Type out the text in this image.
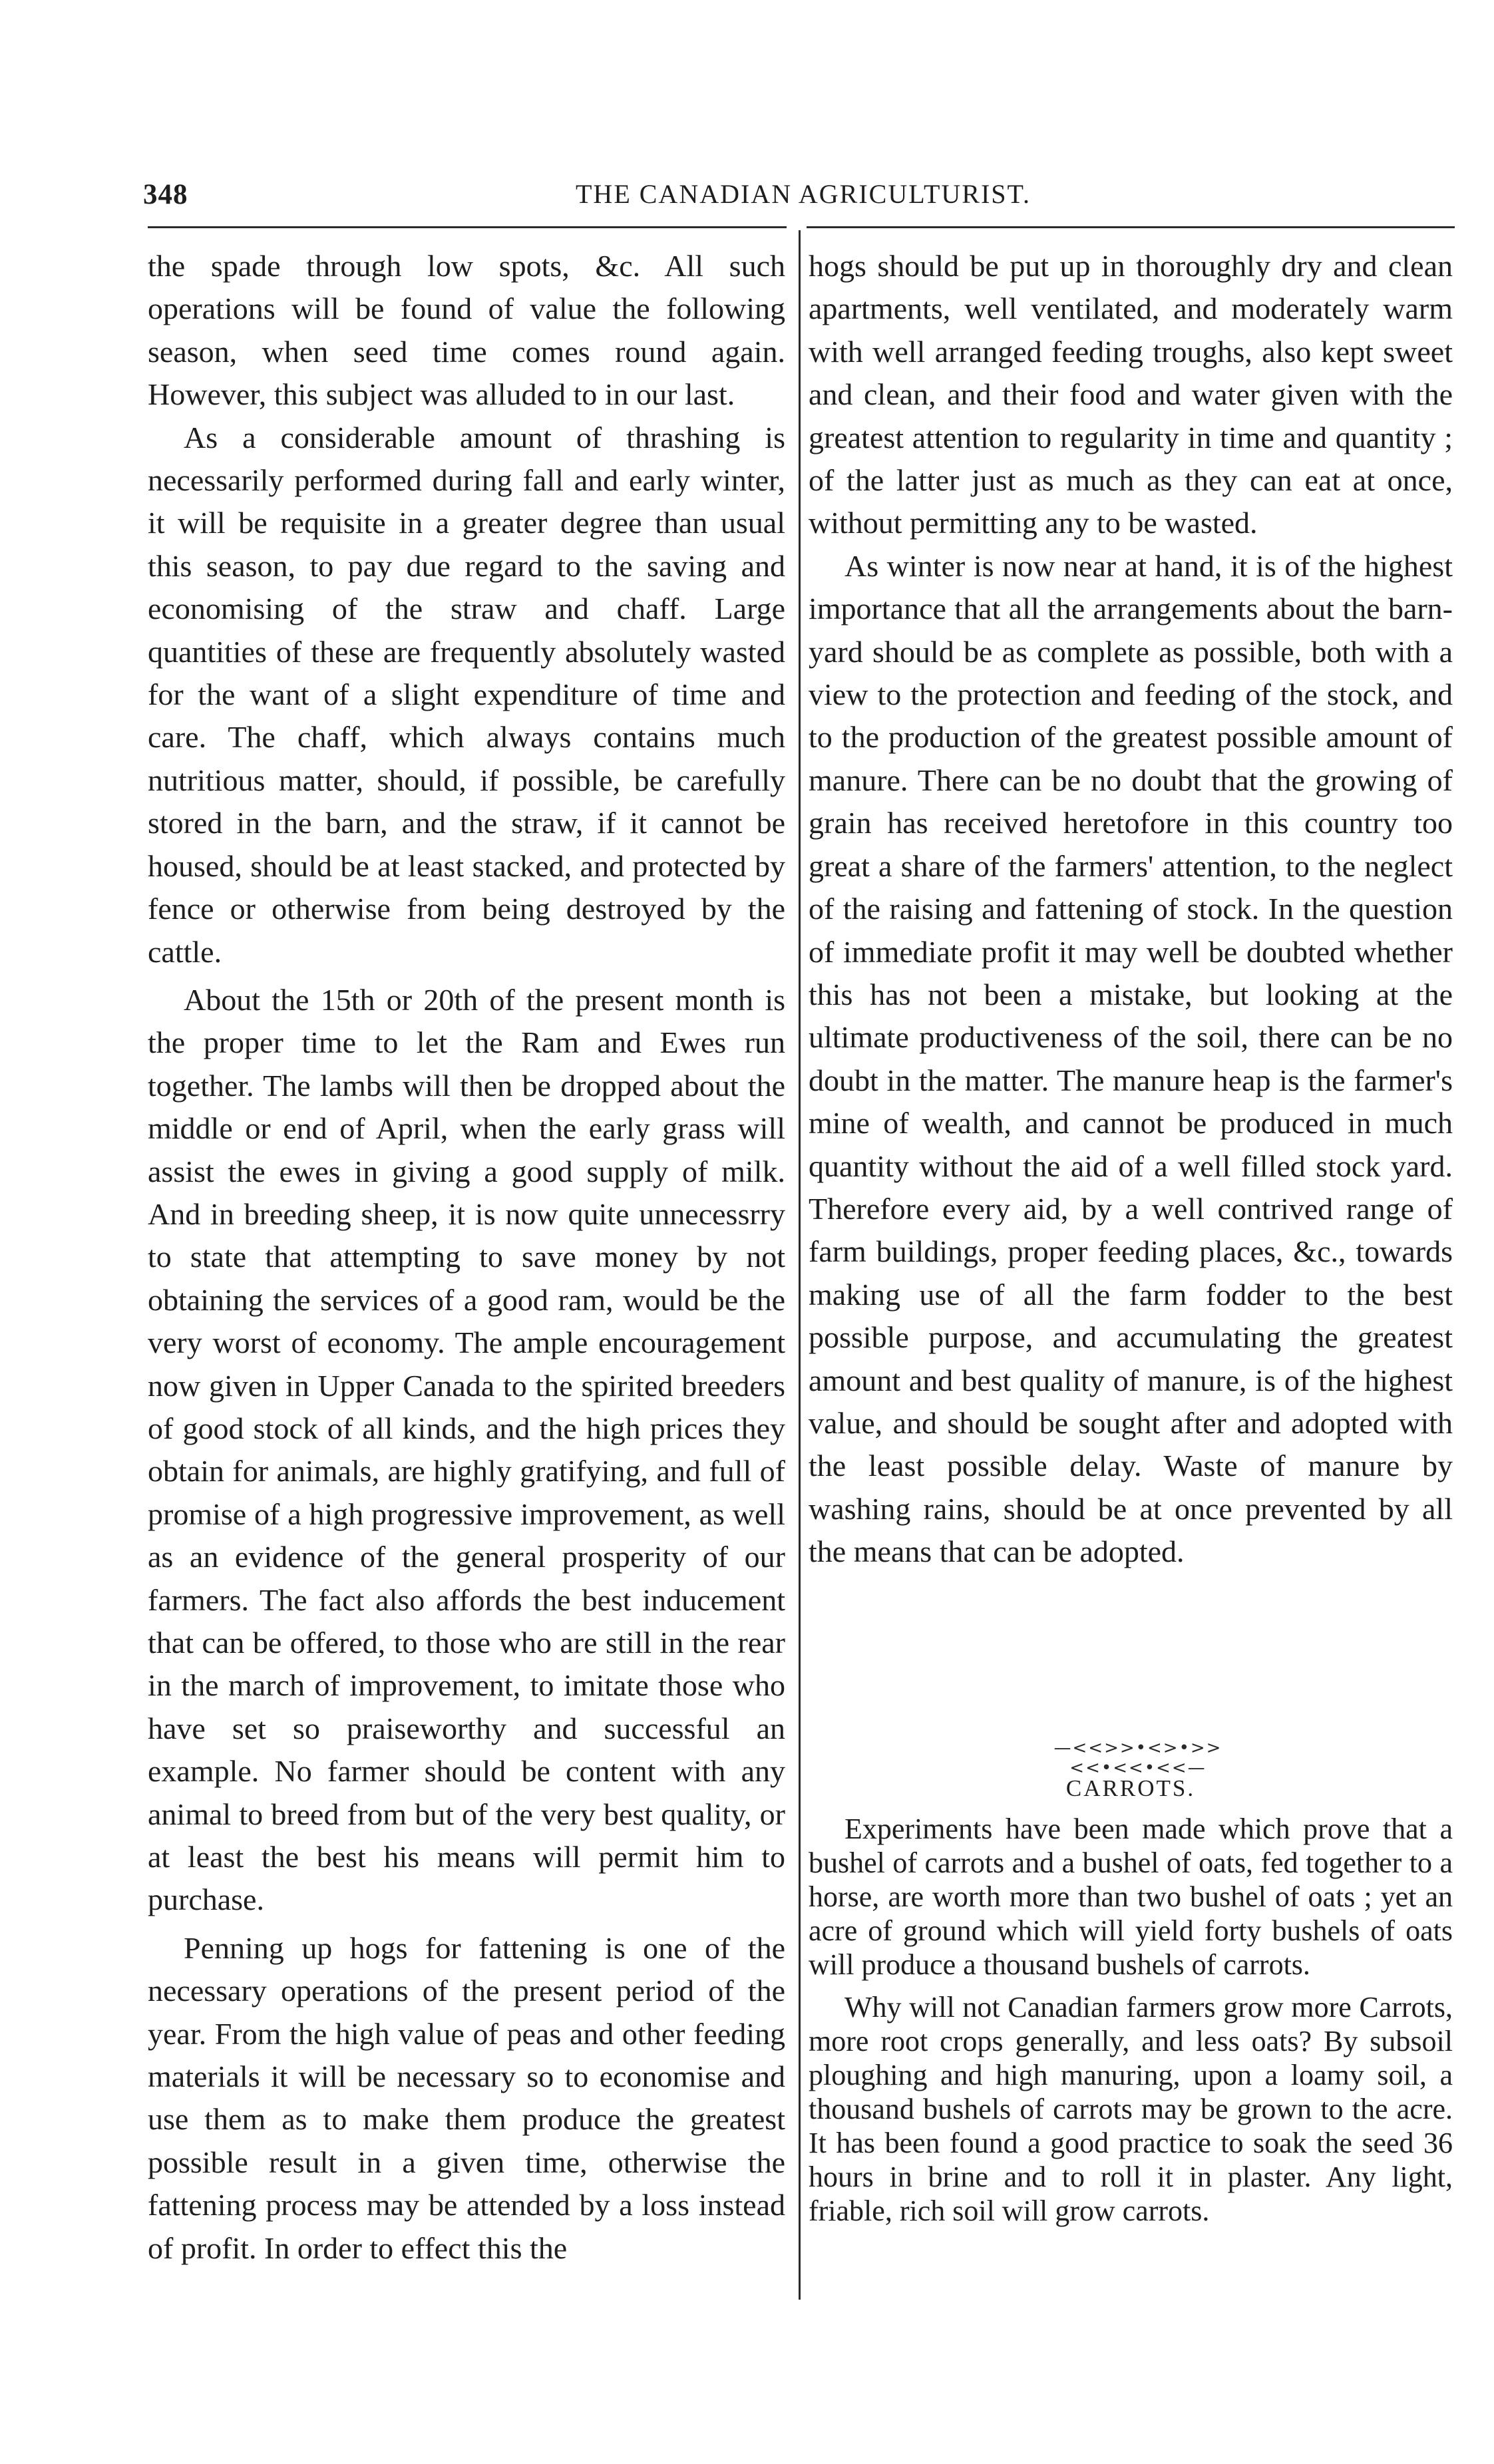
348	THE CANADIAN AGRICULTURIST.

the spade through low spots, &c. All such operations will be found of value the following season, when seed time comes round again. However, this subject was alluded to in our last.

As a considerable amount of thrashing is necessarily performed during fall and early winter, it will be requisite in a greater degree than usual this season, to pay due regard to the saving and economising of the straw and chaff. Large quantities of these are frequently absolutely wasted for the want of a slight expenditure of time and care. The chaff, which always contains much nutritious matter, should, if possible, be carefully stored in the barn, and the straw, if it cannot be housed, should be at least stacked, and protected by fence or otherwise from being destroyed by the cattle.

About the 15th or 20th of the present month is the proper time to let the Ram and Ewes run together. The lambs will then be dropped about the middle or end of April, when the early grass will assist the ewes in giving a good supply of milk. And in breeding sheep, it is now quite unnecessrry to state that attempting to save money by not obtaining the services of a good ram, would be the very worst of economy. The ample encouragement now given in Upper Canada to the spirited breeders of good stock of all kinds, and the high prices they obtain for animals, are highly gratifying, and full of promise of a high progressive improvement, as well as an evidence of the general prosperity of our farmers. The fact also affords the best inducement that can be offered, to those who are still in the rear in the march of improvement, to imitate those who have set so praiseworthy and successful an example. No farmer should be content with any animal to breed from but of the very best quality, or at least the best his means will permit him to purchase.

Penning up hogs for fattening is one of the necessary operations of the present period of the year. From the high value of peas and other feeding materials it will be necessary so to economise and use them as to make them produce the greatest possible result in a given time, otherwise the fattening process may be attended by a loss instead of profit. In order to effect this the

hogs should be put up in thoroughly dry and clean apartments, well ventilated, and moderately warm with well arranged feeding troughs, also kept sweet and clean, and their food and water given with the greatest attention to regularity in time and quantity ; of the latter just as much as they can eat at once, without permitting any to be wasted.

As winter is now near at hand, it is of the highest importance that all the arrangements about the barn-yard should be as complete as possible, both with a view to the protection and feeding of the stock, and to the production of the greatest possible amount of manure. There can be no doubt that the growing of grain has received heretofore in this country too great a share of the farmers' attention, to the neglect of the raising and fattening of stock. In the question of immediate profit it may well be doubted whether this has not been a mistake, but looking at the ultimate productiveness of the soil, there can be no doubt in the matter. The manure heap is the farmer's mine of wealth, and cannot be produced in much quantity without the aid of a well filled stock yard. Therefore every aid, by a well contrived range of farm buildings, proper feeding places, &c., towards making use of all the farm fodder to the best possible purpose, and accumulating the greatest amount and best quality of manure, is of the highest value, and should be sought after and adopted with the least possible delay. Waste of manure by washing rains, should be at once prevented by all the means that can be adopted.

—<<>>•<>•>><<•<<•<<—
CARROTS.

Experiments have been made which prove that a bushel of carrots and a bushel of oats, fed together to a horse, are worth more than two bushel of oats ; yet an acre of ground which will yield forty bushels of oats will produce a thousand bushels of carrots.

Why will not Canadian farmers grow more Carrots, more root crops generally, and less oats? By subsoil ploughing and high manuring, upon a loamy soil, a thousand bushels of carrots may be grown to the acre. It has been found a good practice to soak the seed 36 hours in brine and to roll it in plaster. Any light, friable, rich soil will grow carrots.
